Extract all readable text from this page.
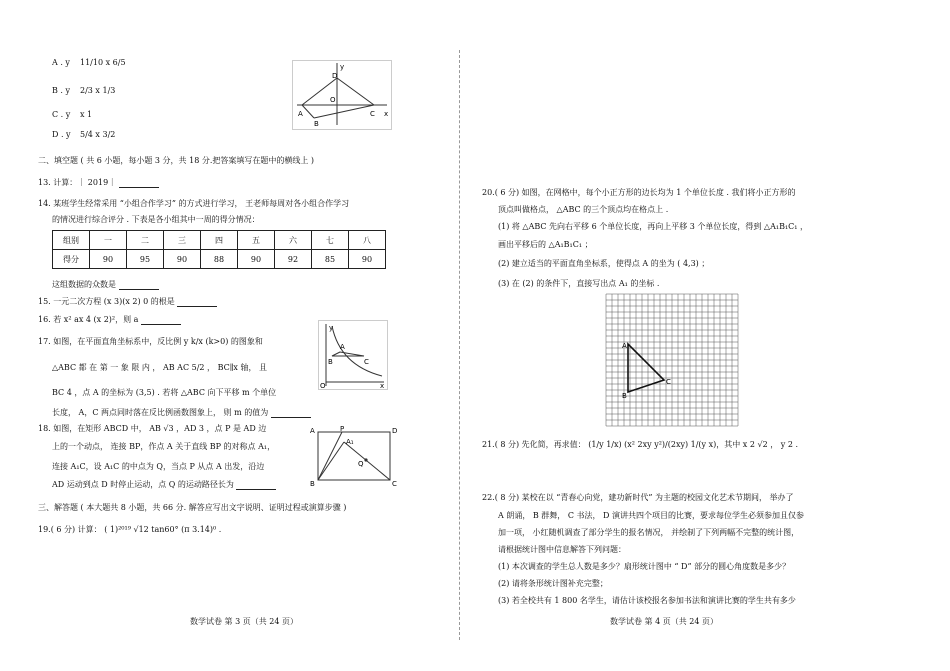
A . y 11/10 x 6/5
B . y 2/3 x 1/3
C . y x 1
D . y 5/4 x 3/2
y
D
O
A
B
C x
二、填空题 ( 共 6 小题，每小题 3 分，共 18 分.把答案填写在题中的横线上 )
13. 计算：｜ 2019｜
14. 某班学生经常采用 “小组合作学习” 的方式进行学习， 王老师每周对各小组合作学习
的情况进行综合评分 . 下表是各小组其中一周的得分情况：
组别	一	二	三	四	五	六	七	八
得分	90	95	90	88	90	92	85	90
这组数据的众数是
15. 一元二次方程 (x 3)(x 2) 0 的根是
16. 若 x² ax 4 (x 2)²，则 a
17. 如图，在平面直角坐标系中，反比例 y k/x (k>0) 的图象和
△ABC 都 在 第 一 象 限 内 ， AB AC 5/2 ， BC∥x 轴， 且
BC 4 ，点 A 的坐标为 (3,5) . 若将 △ABC 向下平移 m 个单位
长度， A，C 两点同时落在反比例函数图象上， 则 m 的值为
y
A
B	C
O	x
18. 如图，在矩形 ABCD 中， AB √3 ，AD 3 ，点 P 是 AD 边
上的一个动点， 连接 BP，作点 A 关于直线 BP 的对称点 A₁，
连接 A₁C，设 A₁C 的中点为 Q，当点 P 从点 A 出发，沿边
AD 运动到点 D 时停止运动，点 Q 的运动路径长为
A	P	D
A₁
Q
B	C
三、解答题 ( 本大题共 8 小题，共 66 分. 解答应写出文字说明、证明过程或演算步骤 )
19.( 6 分) 计算： ( 1)²⁰¹⁹ √12 tan60° (π 3.14)⁰ .
数学试卷 第 3 页（共 24 页）
20.( 6 分) 如图，在网格中，每个小正方形的边长均为 1 个单位长度 . 我们将小正方形的
顶点叫做格点， △ABC 的三个顶点均在格点上 .
(1) 将 △ABC 先向右平移 6 个单位长度，再向上平移 3 个单位长度，得到 △A₁B₁C₁ ，
画出平移后的 △A₁B₁C₁ ；
(2) 建立适当的平面直角坐标系，使得点 A 的坐为 ( 4,3) ；
(3) 在 (2) 的条件下，直接写出点 A₁ 的坐标 .
A
B
C
21.( 8 分) 先化简，再求值： (1/y 1/x) (x² 2xy y²)/(2xy) 1/(y x)，其中 x 2 √2 ， y 2 .
22.( 8 分) 某校在以 “青春心向党，建功新时代” 为主题的校园文化艺术节期间， 举办了
A 朗诵， B 群舞， C 书法， D 演讲共四个项目的比赛，要求每位学生必须参加且仅参
加一项， 小红随机调查了部分学生的报名情况， 并绘制了下列两幅不完整的统计图，
请根据统计图中信息解答下列问题：
(1) 本次调查的学生总人数是多少？扇形统计图中 “ D” 部分的圆心角度数是多少？
(2) 请将条形统计图补充完整；
(3) 若全校共有 1 800 名学生，请估计该校报名参加书法和演讲比赛的学生共有多少
数学试卷 第 4 页（共 24 页）
